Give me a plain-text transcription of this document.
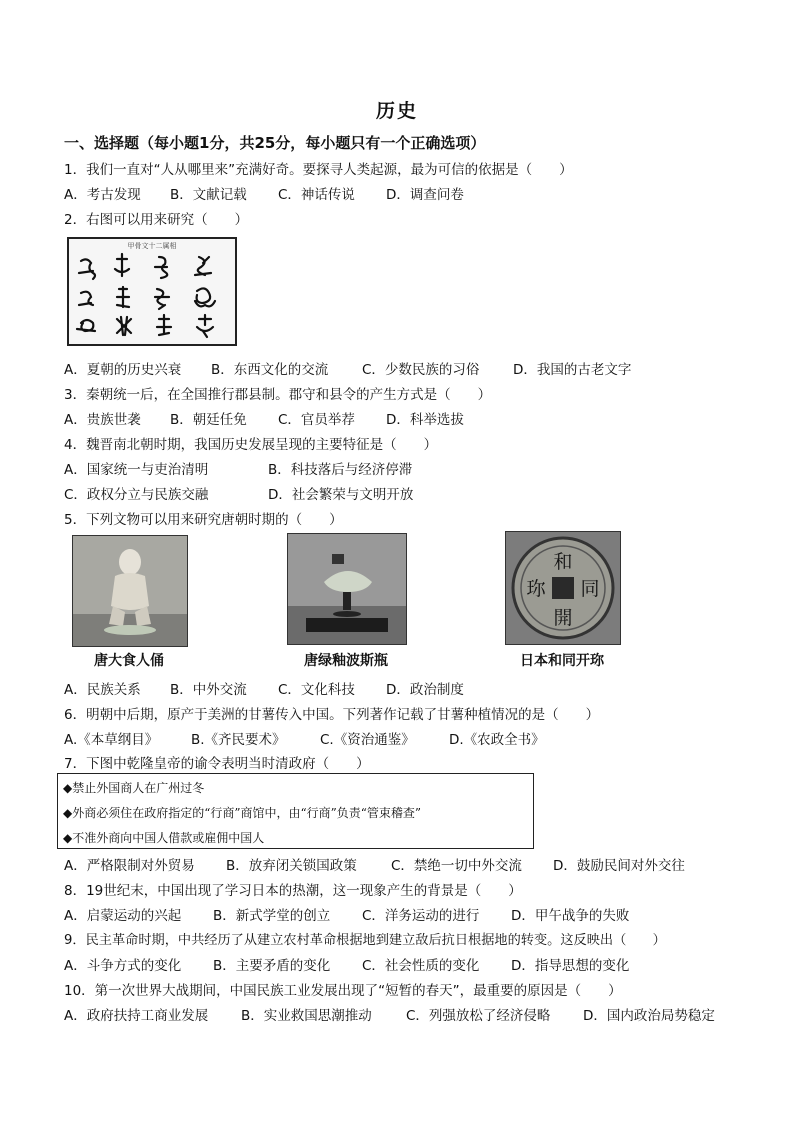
历史
一、选择题（每小题1分，共25分，每小题只有一个正确选项）
1．我们一直对“人从哪里来”充满好奇。要探寻人类起源，最为可信的依据是（　　）
A．考古发现 B．文献记载 C．神话传说 D．调查问卷
2．右图可以用来研究（　　）
甲骨文十二属相
A．夏朝的历史兴衰 B．东西文化的交流 C．少数民族的习俗 D．我国的古老文字
3．秦朝统一后，在全国推行郡县制。郡守和县令的产生方式是（　　）
A．贵族世袭 B．朝廷任免 C．官员举荐 D．科举选拔
4．魏晋南北朝时期，我国历史发展呈现的主要特征是（　　）
A．国家统一与吏治清明	B．科技落后与经济停滞
C．政权分立与民族交融	D．社会繁荣与文明开放
5．下列文物可以用来研究唐朝时期的（　　）
唐大食人俑	唐绿釉波斯瓶
和
同
開
珎
日本和同开珎
A．民族关系 B．中外交流 C．文化科技 D．政治制度
6．明朝中后期，原产于美洲的甘薯传入中国。下列著作记载了甘薯种植情况的是（　　）
A.《本草纲目》 B.《齐民要术》	C.《资治通鉴》	D.《农政全书》
7．下图中乾隆皇帝的谕令表明当时清政府（　　）
◆禁止外国商人在广州过冬
◆外商必须住在政府指定的“行商”商馆中，由“行商”负责“管束稽查”
◆不准外商向中国人借款或雇佣中国人
A．严格限制对外贸易 B．放弃闭关锁国政策	C．禁绝一切中外交流 D．鼓励民间对外交往
8．19世纪末，中国出现了学习日本的热潮，这一现象产生的背景是（　　）
A．启蒙运动的兴起 B．新式学堂的创立 C．洋务运动的进行 D．甲午战争的失败
9．民主革命时期，中共经历了从建立农村革命根据地到建立敌后抗日根据地的转变。这反映出（　　）
A．斗争方式的变化 B．主要矛盾的变化 C．社会性质的变化 D．指导思想的变化
10．第一次世界大战期间，中国民族工业发展出现了“短暂的春天”，最重要的原因是（　　）
A．政府扶持工商业发展 B．实业救国思潮推动	C．列强放松了经济侵略 D．国内政治局势稳定
